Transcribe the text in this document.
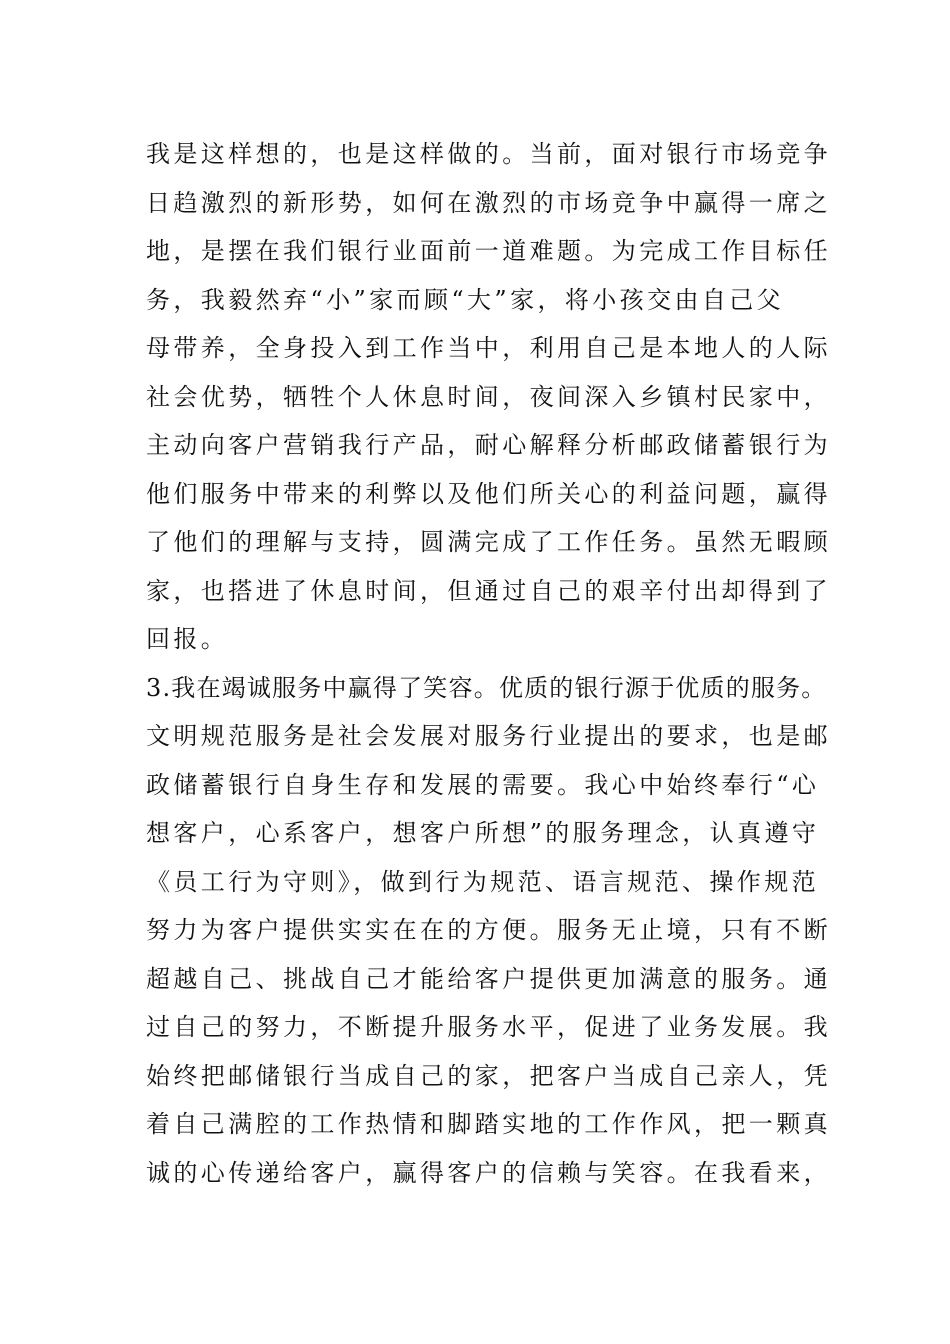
我是这样想的，也是这样做的。当前，面对银行市场竞争
日趋激烈的新形势，如何在激烈的市场竞争中赢得一席之
地，是摆在我们银行业面前一道难题。为完成工作目标任
务，我毅然弃“小”家而顾“大”家，将小孩交由自己父
母带养，全身投入到工作当中，利用自己是本地人的人际
社会优势，牺牲个人休息时间，夜间深入乡镇村民家中，
主动向客户营销我行产品，耐心解释分析邮政储蓄银行为
他们服务中带来的利弊以及他们所关心的利益问题，赢得
了他们的理解与支持，圆满完成了工作任务。虽然无暇顾
家，也搭进了休息时间，但通过自己的艰辛付出却得到了
回报。
3.我在竭诚服务中赢得了笑容。优质的银行源于优质的服务。
文明规范服务是社会发展对服务行业提出的要求，也是邮
政储蓄银行自身生存和发展的需要。我心中始终奉行“心
想客户，心系客户，想客户所想”的服务理念，认真遵守
《员工行为守则》，做到行为规范、语言规范、操作规范
努力为客户提供实实在在的方便。服务无止境，只有不断
超越自己、挑战自己才能给客户提供更加满意的服务。通
过自己的努力，不断提升服务水平，促进了业务发展。我
始终把邮储银行当成自己的家，把客户当成自己亲人，凭
着自己满腔的工作热情和脚踏实地的工作作风，把一颗真
诚的心传递给客户，赢得客户的信赖与笑容。在我看来，
